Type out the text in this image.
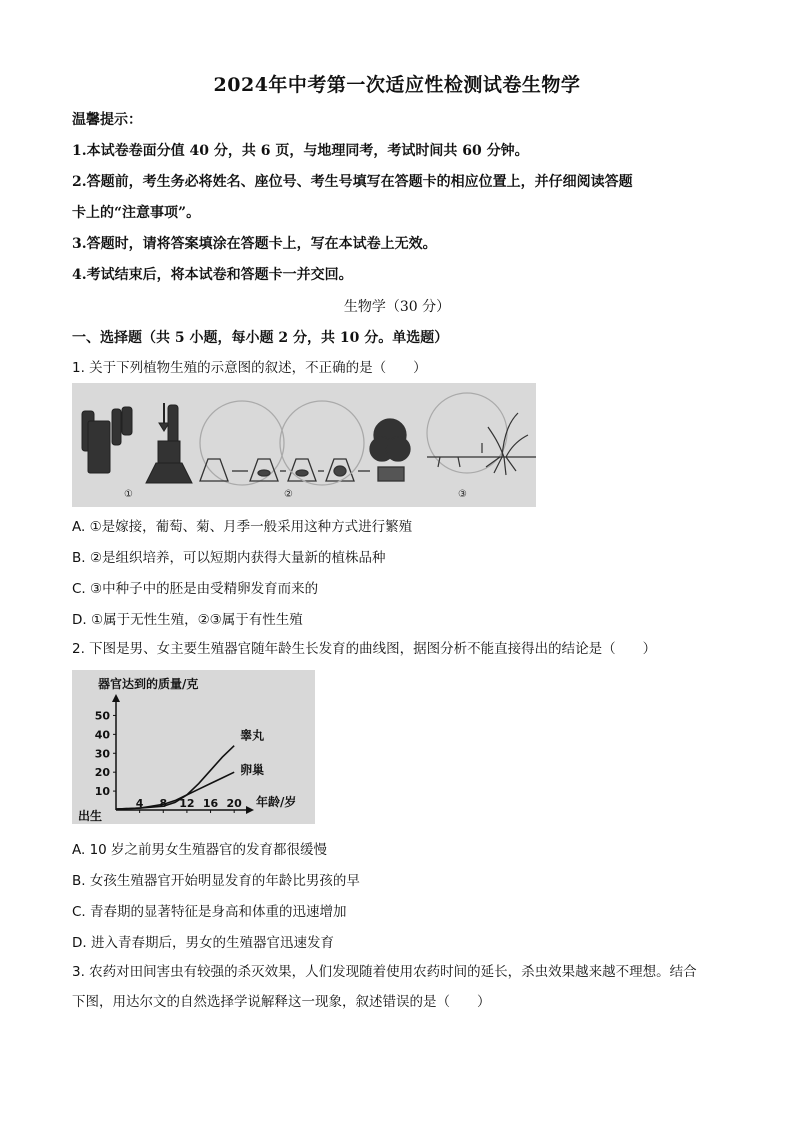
2024年中考第一次适应性检测试卷生物学
温馨提示：
1.本试卷卷面分值 40 分，共 6 页，与地理同考，考试时间共 60 分钟。
2.答题前，考生务必将姓名、座位号、考生号填写在答题卡的相应位置上，并仔细阅读答题
卡上的“注意事项”。
3.答题时，请将答案填涂在答题卡上，写在本试卷上无效。
4.考试结束后，将本试卷和答题卡一并交回。
生物学（30 分）
一、选择题（共 5 小题，每小题 2 分，共 10 分。单选题）
1. 关于下列植物生殖的示意图的叙述，不正确的是（　　）
①	②	③
A. ①是嫁接，葡萄、菊、月季一般采用这种方式进行繁殖
B. ②是组织培养，可以短期内获得大量新的植株品种
C. ③中种子中的胚是由受精卵发育而来的
D. ①属于无性生殖，②③属于有性生殖
2. 下图是男、女主要生殖器官随年龄生长发育的曲线图，据图分析不能直接得出的结论是（　　）
器官达到的质量/克
年龄/岁
出生
10
20
30
40
50
4 8 12 16 20
睾丸
卵巢
A. 10 岁之前男女生殖器官的发育都很缓慢
B. 女孩生殖器官开始明显发育的年龄比男孩的早
C. 青春期的显著特征是身高和体重的迅速增加
D. 进入青春期后，男女的生殖器官迅速发育
3. 农药对田间害虫有较强的杀灭效果，人们发现随着使用农药时间的延长，杀虫效果越来越不理想。结合
下图，用达尔文的自然选择学说解释这一现象，叙述错误的是（　　）
